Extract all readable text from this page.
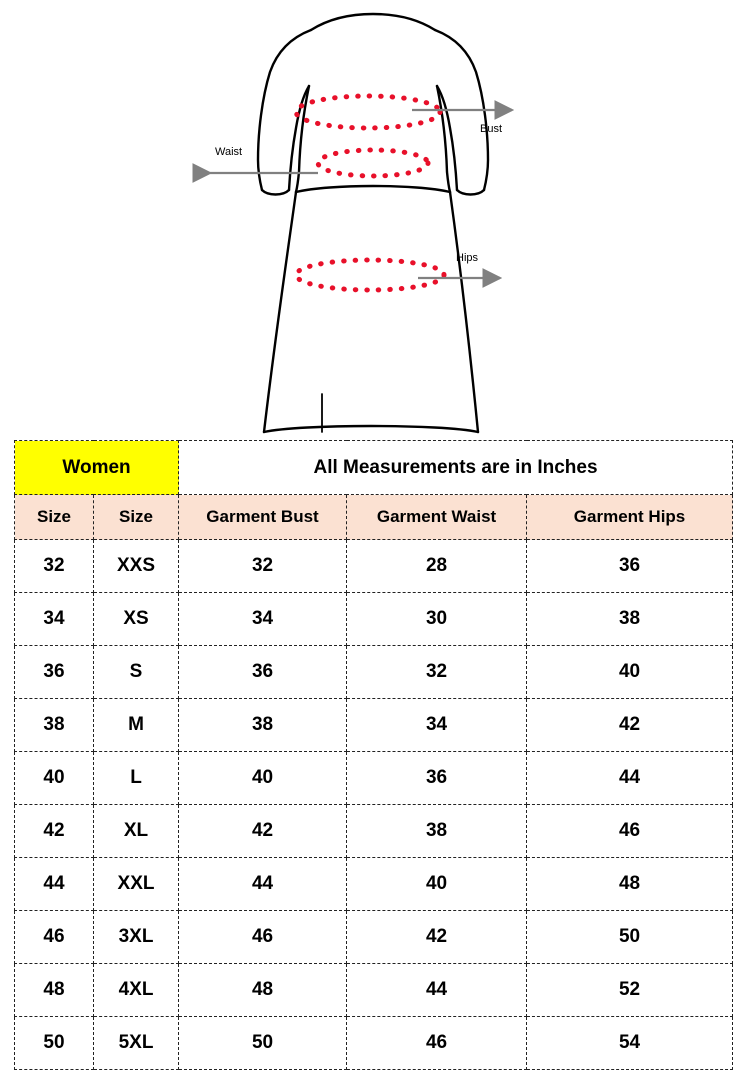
Bust
Waist
Hips
Women		All Measurements are in Inches		
Size	Size	Garment Bust	Garment Waist	Garment Hips
32	XXS	32	28	36
34	XS	34	30	38
36	S	36	32	40
38	M	38	34	42
40	L	40	36	44
42	XL	42	38	46
44	XXL	44	40	48
46	3XL	46	42	50
48	4XL	48	44	52
50	5XL	50	46	54
